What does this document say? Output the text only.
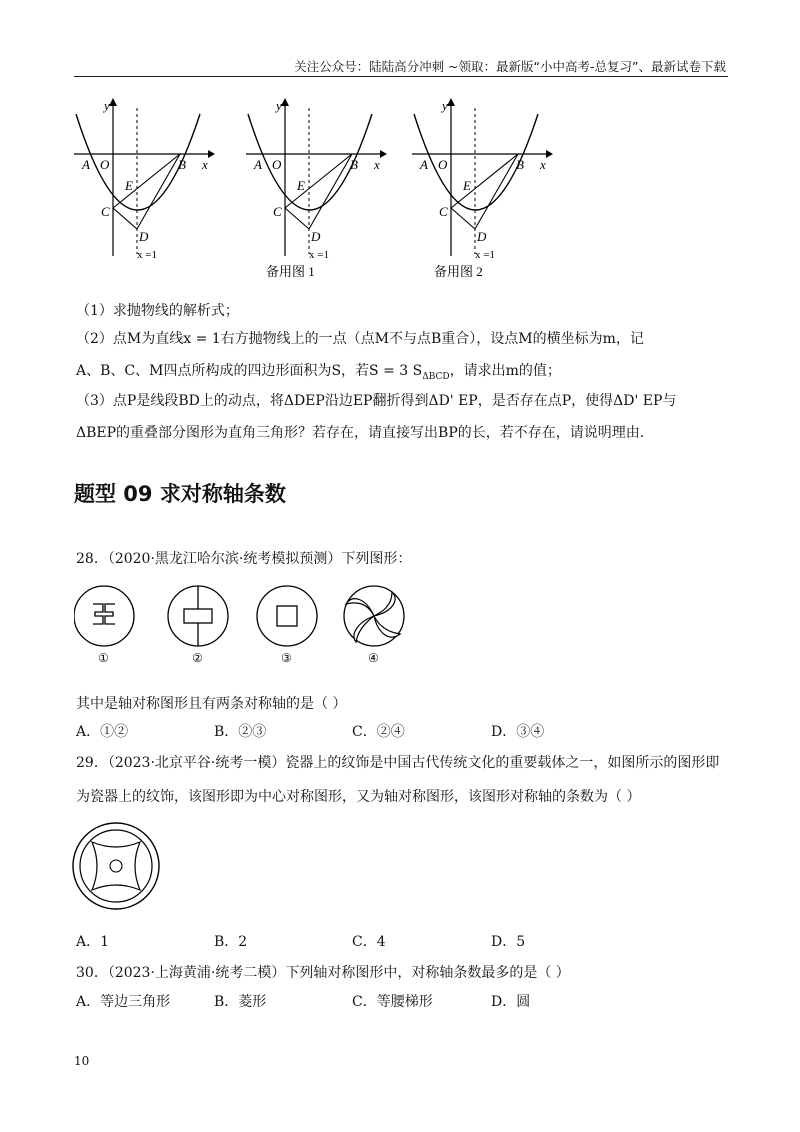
关注公众号：陆陆高分冲刺 ~领取：最新版“小中高考-总复习”、最新试卷下载
y
x
A O	B
E
C
D
x =1
备用图 1	备用图 2
（1）求抛物线的解析式；
（2）点M为直线x = 1右方抛物线上的一点（点M不与点B重合），设点M的横坐标为m，记
A、B、C、M四点所构成的四边形面积为S，若S = 3 $S_{\Delta BCD}$，请求出m的值；
（3）点P是线段BD上的动点，将ΔDEP沿边EP翻折得到ΔD' EP，是否存在点P，使得ΔD' EP与
ΔBEP的重叠部分图形为直角三角形？若存在，请直接写出BP的长，若不存在，请说明理由.
题型 09 求对称轴条数
28．（2020·黑龙江哈尔滨·统考模拟预测）下列图形：
①	②	③	④
其中是轴对称图形且有两条对称轴的是（ ）
A．①②	B．②③	C．②④	D．③④
29．（2023·北京平谷·统考一模）瓷器上的纹饰是中国古代传统文化的重要载体之一，如图所示的图形即
为瓷器上的纹饰，该图形即为中心对称图形，又为轴对称图形，该图形对称轴的条数为（ ）
A．1	B．2	C．4	D．5
30．（2023·上海黄浦·统考二模）下列轴对称图形中，对称轴条数最多的是（ ）
A．等边三角形	B．菱形	C．等腰梯形	D．圆
10
